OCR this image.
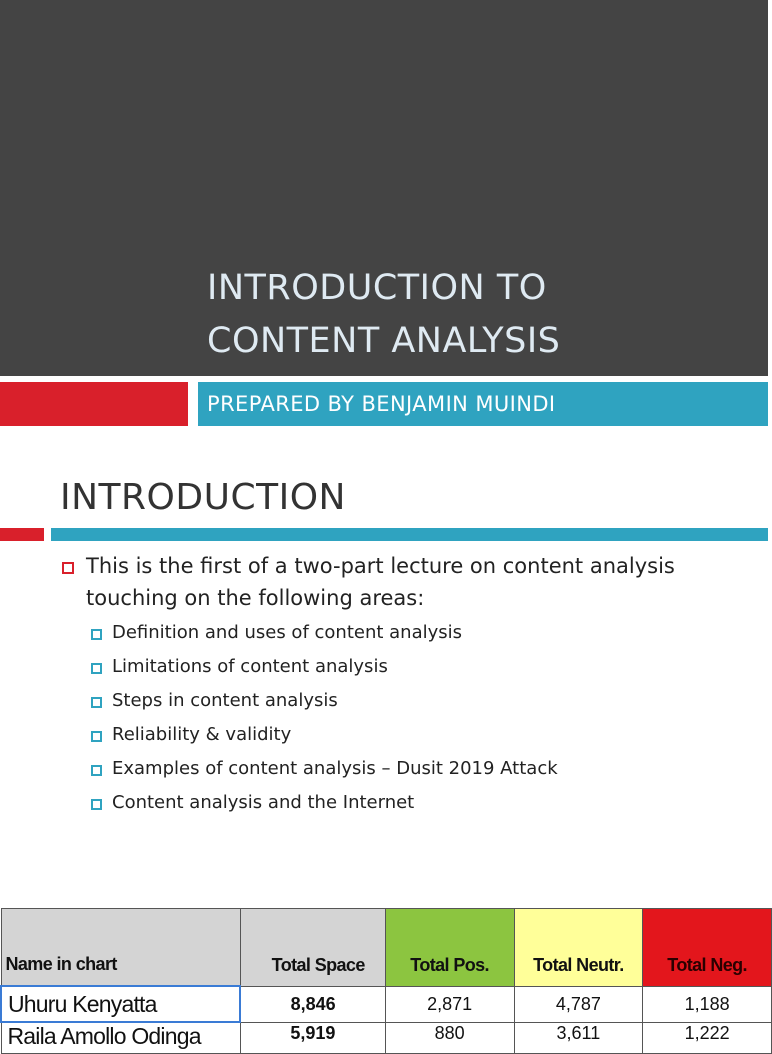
INTRODUCTION TO
CONTENT ANALYSIS
PREPARED BY BENJAMIN MUINDI
INTRODUCTION
This is the first of a two-part lecture on content analysis touching on the following areas:
Definition and uses of content analysis
Limitations of content analysis
Steps in content analysis
Reliability & validity
Examples of content analysis – Dusit 2019 Attack
Content analysis and the Internet
Name in chart	Total Space	Total Pos.	Total Neutr.	Total Neg.
Uhuru Kenyatta	8,846	2,871	4,787	1,188
Raila Amollo Odinga	5,919	880	3,611	1,222
